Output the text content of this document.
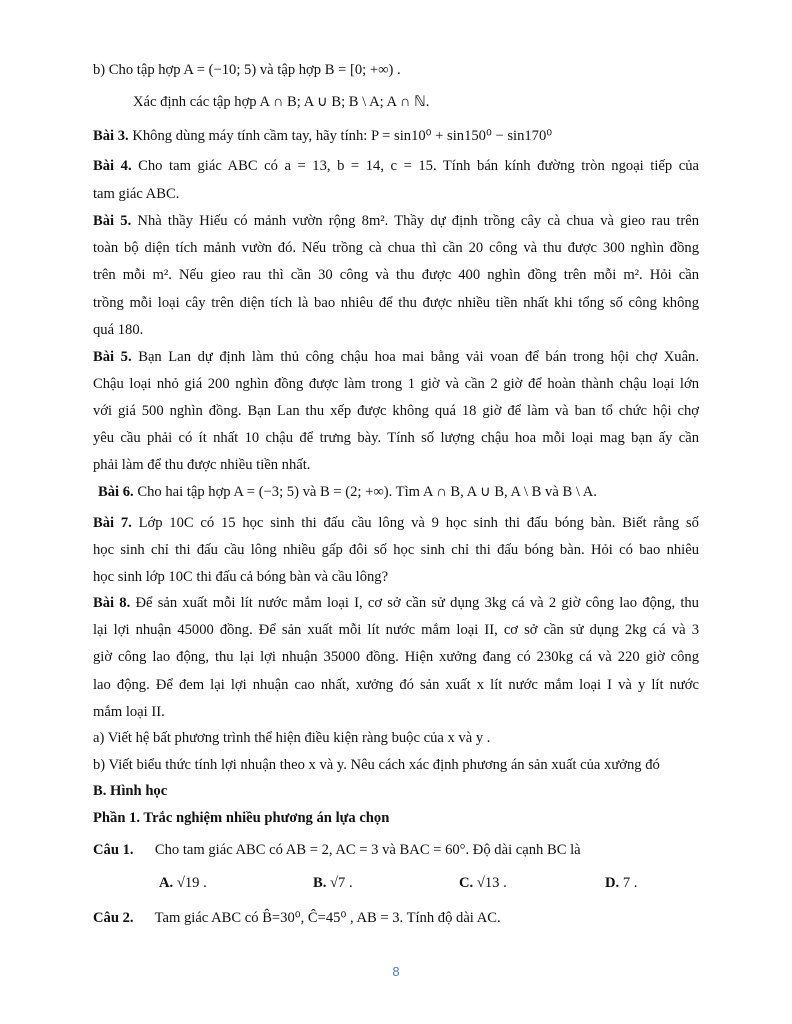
b) Cho tập hợp A = (−10; 5) và tập hợp B = [0; +∞) .
Xác định các tập hợp A ∩ B; A ∪ B; B \ A; A ∩ ℕ.
Bài 3. Không dùng máy tính cầm tay, hãy tính: P = sin10⁰ + sin150⁰ − sin170⁰
Bài 4. Cho tam giác ABC có a = 13, b = 14, c = 15. Tính bán kính đường tròn ngoại tiếp của
tam giác ABC.
Bài 5. Nhà thầy Hiếu có mảnh vườn rộng 8m². Thầy dự định trồng cây cà chua và gieo rau trên
toàn bộ diện tích mảnh vườn đó. Nếu trồng cà chua thì cần 20 công và thu được 300 nghìn đồng
trên mỗi m². Nếu gieo rau thì cần 30 công và thu được 400 nghìn đồng trên mỗi m². Hỏi cần
trồng mỗi loại cây trên diện tích là bao nhiêu để thu được nhiều tiền nhất khi tổng số công không
quá 180.
Bài 5. Bạn Lan dự định làm thủ công chậu hoa mai bằng vải voan để bán trong hội chợ Xuân.
Chậu loại nhỏ giá 200 nghìn đồng được làm trong 1 giờ và cần 2 giờ để hoàn thành chậu loại lớn
với giá 500 nghìn đồng. Bạn Lan thu xếp được không quá 18 giờ để làm và ban tổ chức hội chợ
yêu cầu phải có ít nhất 10 chậu để trưng bày. Tính số lượng chậu hoa mỗi loại mag bạn ấy cần
phải làm để thu được nhiều tiền nhất.
Bài 6. Cho hai tập hợp A = (−3; 5) và B = (2; +∞). Tìm A ∩ B, A ∪ B, A \ B và B \ A.
Bài 7. Lớp 10C có 15 học sinh thi đấu cầu lông và 9 học sinh thi đấu bóng bàn. Biết rằng số
học sinh chỉ thi đấu cầu lông nhiều gấp đôi số học sinh chỉ thi đấu bóng bàn. Hỏi có bao nhiêu
học sinh lớp 10C thi đấu cả bóng bàn và cầu lông?
Bài 8. Để sản xuất mỗi lít nước mắm loại I, cơ sở cần sử dụng 3kg cá và 2 giờ công lao động, thu
lại lợi nhuận 45000 đồng. Để sản xuất mỗi lít nước mắm loại II, cơ sở cần sử dụng 2kg cá và 3
giờ công lao động, thu lại lợi nhuận 35000 đồng. Hiện xưởng đang có 230kg cá và 220 giờ công
lao động. Để đem lại lợi nhuận cao nhất, xưởng đó sản xuất x lít nước mắm loại I và y lít nước
mắm loại II.
a) Viết hệ bất phương trình thể hiện điều kiện ràng buộc của x và y .
b) Viết biểu thức tính lợi nhuận theo x và y. Nêu cách xác định phương án sản xuất của xưởng đó
B. Hình học
Phần 1. Trắc nghiệm nhiều phương án lựa chọn
Câu 1. Cho tam giác ABC có AB = 2, AC = 3 và BAC = 60°. Độ dài cạnh BC là
A. √19 .	B. √7 .	C. √13 .	D. 7 .
Câu 2. Tam giác ABC có B̂=30⁰, Ĉ=45⁰ , AB = 3. Tính độ dài AC.
8
